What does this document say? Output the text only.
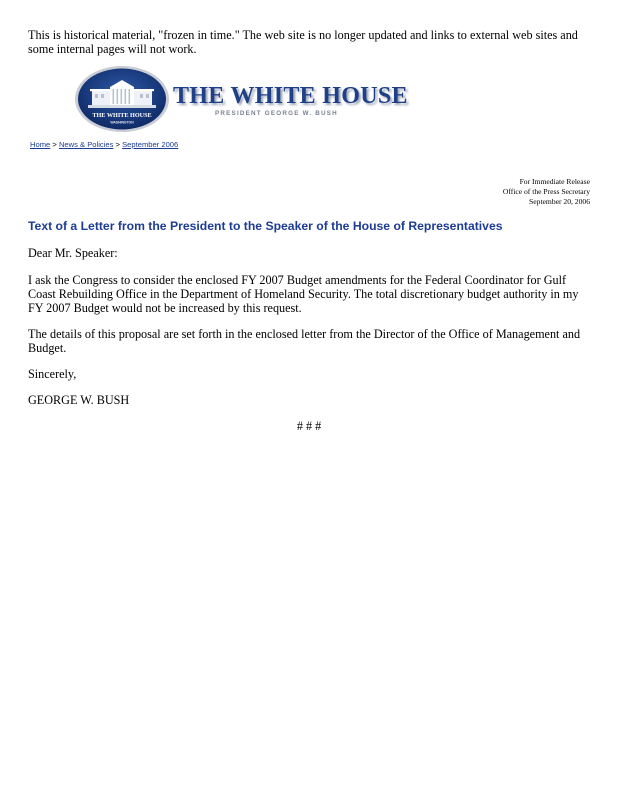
This is historical material, "frozen in time." The web site is no longer updated and links to external web sites and some internal pages will not work.

THE WHITE HOUSE
WASHINGTON
THE WHITE HOUSE
PRESIDENT GEORGE W. BUSH
Home > News & Policies > September 2006
For Immediate Release
Office of the Press Secretary
September 20, 2006
Text of a Letter from the President to the Speaker of the House of Representatives

Dear Mr. Speaker:

I ask the Congress to consider the enclosed FY 2007 Budget amendments for the Federal Coordinator for Gulf Coast Rebuilding Office in the Department of Homeland Security. The total discretionary budget authority in my FY 2007 Budget would not be increased by this request.

The details of this proposal are set forth in the enclosed letter from the Director of the Office of Management and Budget.

Sincerely,

GEORGE W. BUSH

# # #
